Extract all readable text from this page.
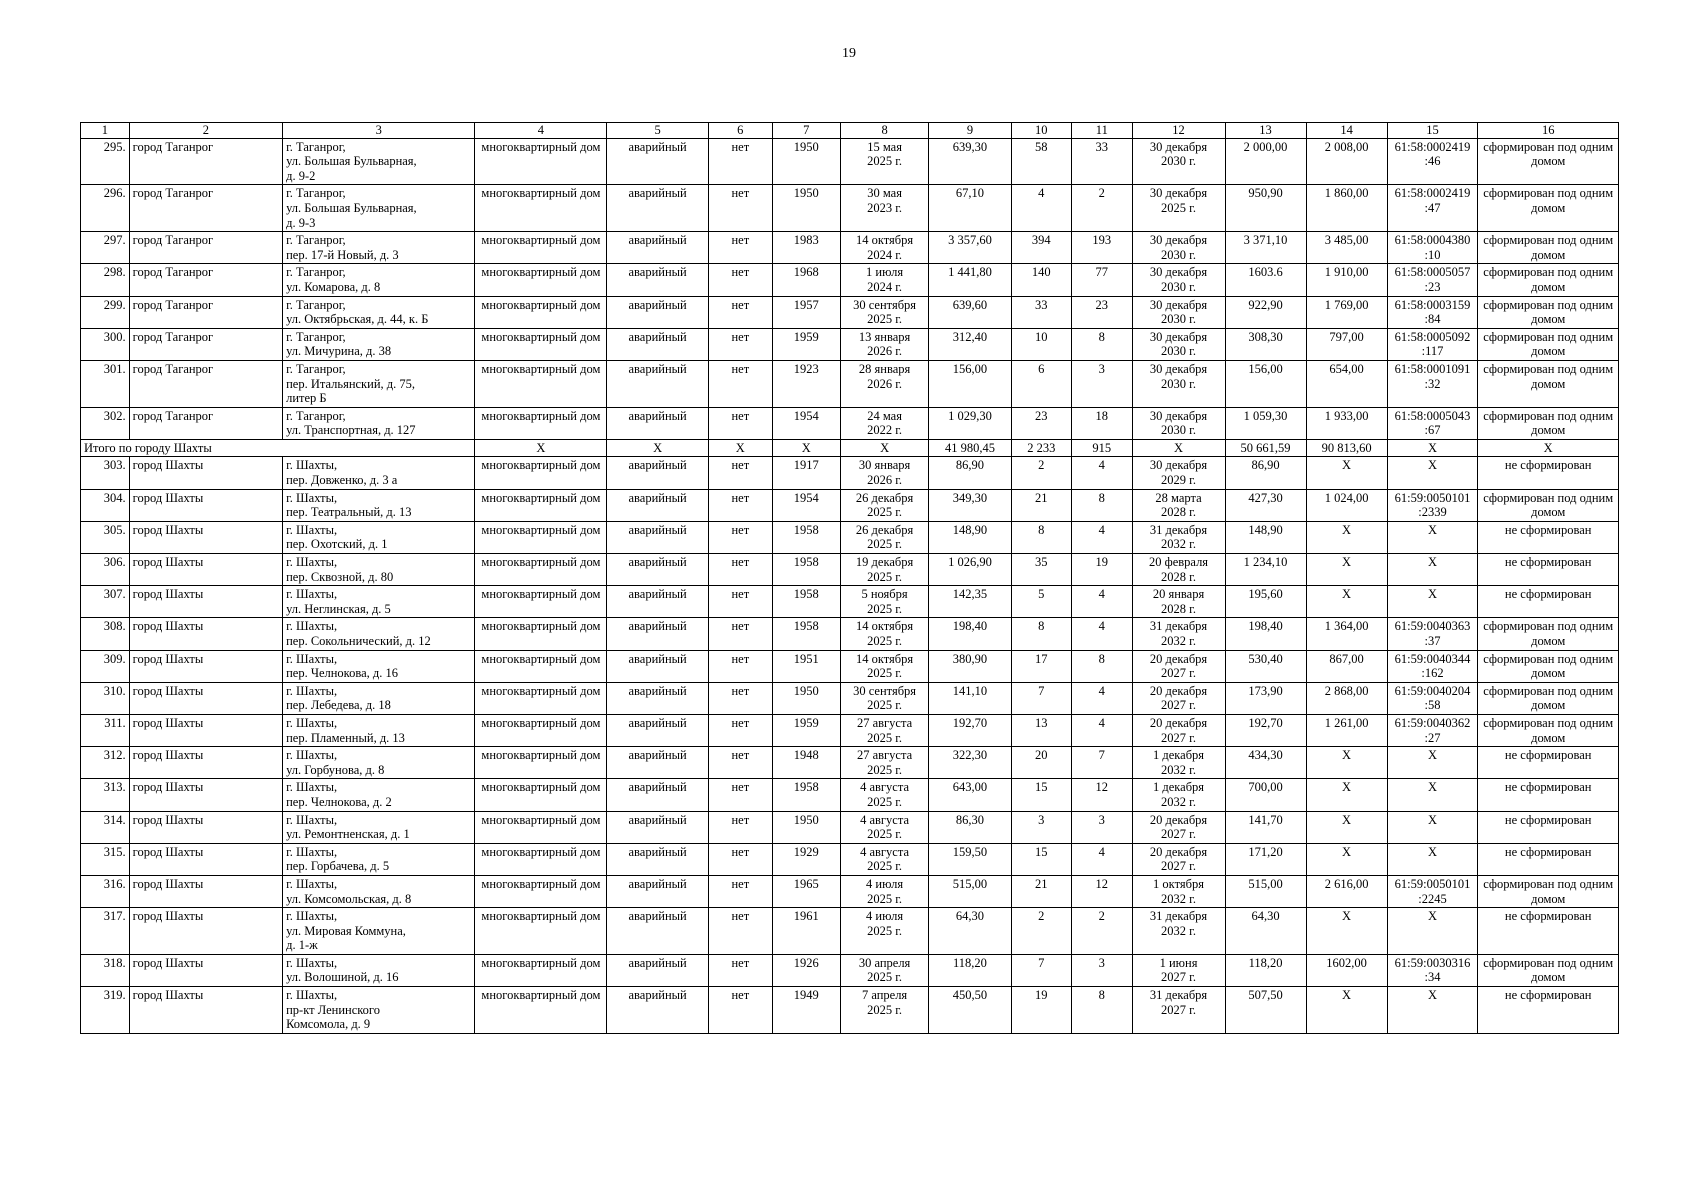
19
1	2	3	4	5	6	7	8	9	10	11	12	13	14	15	16
295.	город Таганрог	г. Таганрог,
ул. Большая Бульварная,
д. 9-2	многоквартирный дом	аварийный	нет	1950	15 мая
2025 г.	639,30	58	33	30 декабря
2030 г.	2 000,00	2 008,00	61:58:0002419
:46	сформирован под одним домом
296.	город Таганрог	г. Таганрог,
ул. Большая Бульварная,
д. 9-3	многоквартирный дом	аварийный	нет	1950	30 мая
2023 г.	67,10	4	2	30 декабря
2025 г.	950,90	1 860,00	61:58:0002419
:47	сформирован под одним домом
297.	город Таганрог	г. Таганрог,
пер. 17-й Новый, д. 3	многоквартирный дом	аварийный	нет	1983	14 октября
2024 г.	3 357,60	394	193	30 декабря
2030 г.	3 371,10	3 485,00	61:58:0004380
:10	сформирован под одним домом
298.	город Таганрог	г. Таганрог,
ул. Комарова, д. 8	многоквартирный дом	аварийный	нет	1968	1 июля
2024 г.	1 441,80	140	77	30 декабря
2030 г.	1603.6	1 910,00	61:58:0005057
:23	сформирован под одним домом
299.	город Таганрог	г. Таганрог,
ул. Октябрьская, д. 44, к. Б	многоквартирный дом	аварийный	нет	1957	30 сентября
2025 г.	639,60	33	23	30 декабря
2030 г.	922,90	1 769,00	61:58:0003159
:84	сформирован под одним домом
300.	город Таганрог	г. Таганрог,
ул. Мичурина, д. 38	многоквартирный дом	аварийный	нет	1959	13 января
2026 г.	312,40	10	8	30 декабря
2030 г.	308,30	797,00	61:58:0005092
:117	сформирован под одним домом
301.	город Таганрог	г. Таганрог,
пер. Итальянский, д. 75,
литер Б	многоквартирный дом	аварийный	нет	1923	28 января
2026 г.	156,00	6	3	30 декабря
2030 г.	156,00	654,00	61:58:0001091
:32	сформирован под одним домом
302.	город Таганрог	г. Таганрог,
ул. Транспортная, д. 127	многоквартирный дом	аварийный	нет	1954	24 мая
2022 г.	1 029,30	23	18	30 декабря
2030 г.	1 059,30	1 933,00	61:58:0005043
:67	сформирован под одним домом
Итого по городу Шахты			X	X	X	X	X	41 980,45	2 233	915	X	50 661,59	90 813,60	X	X
303.	город Шахты	г. Шахты,
пер. Довженко, д. 3 а	многоквартирный дом	аварийный	нет	1917	30 января
2026 г.	86,90	2	4	30 декабря
2029 г.	86,90	X	X	не сформирован
304.	город Шахты	г. Шахты,
пер. Театральный, д. 13	многоквартирный дом	аварийный	нет	1954	26 декабря
2025 г.	349,30	21	8	28 марта
2028 г.	427,30	1 024,00	61:59:0050101
:2339	сформирован под одним домом
305.	город Шахты	г. Шахты,
пер. Охотский, д. 1	многоквартирный дом	аварийный	нет	1958	26 декабря
2025 г.	148,90	8	4	31 декабря
2032 г.	148,90	X	X	не сформирован
306.	город Шахты	г. Шахты,
пер. Сквозной, д. 80	многоквартирный дом	аварийный	нет	1958	19 декабря
2025 г.	1 026,90	35	19	20 февраля
2028 г.	1 234,10	X	X	не сформирован
307.	город Шахты	г. Шахты,
ул. Неглинская, д. 5	многоквартирный дом	аварийный	нет	1958	5 ноября
2025 г.	142,35	5	4	20 января
2028 г.	195,60	X	X	не сформирован
308.	город Шахты	г. Шахты,
пер. Сокольнический, д. 12	многоквартирный дом	аварийный	нет	1958	14 октября
2025 г.	198,40	8	4	31 декабря
2032 г.	198,40	1 364,00	61:59:0040363
:37	сформирован под одним домом
309.	город Шахты	г. Шахты,
пер. Челнокова, д. 16	многоквартирный дом	аварийный	нет	1951	14 октября
2025 г.	380,90	17	8	20 декабря
2027 г.	530,40	867,00	61:59:0040344
:162	сформирован под одним домом
310.	город Шахты	г. Шахты,
пер. Лебедева, д. 18	многоквартирный дом	аварийный	нет	1950	30 сентября
2025 г.	141,10	7	4	20 декабря
2027 г.	173,90	2 868,00	61:59:0040204
:58	сформирован под одним домом
311.	город Шахты	г. Шахты,
пер. Пламенный, д. 13	многоквартирный дом	аварийный	нет	1959	27 августа
2025 г.	192,70	13	4	20 декабря
2027 г.	192,70	1 261,00	61:59:0040362
:27	сформирован под одним домом
312.	город Шахты	г. Шахты,
ул. Горбунова, д. 8	многоквартирный дом	аварийный	нет	1948	27 августа
2025 г.	322,30	20	7	1 декабря
2032 г.	434,30	X	X	не сформирован
313.	город Шахты	г. Шахты,
пер. Челнокова, д. 2	многоквартирный дом	аварийный	нет	1958	4 августа
2025 г.	643,00	15	12	1 декабря
2032 г.	700,00	X	X	не сформирован
314.	город Шахты	г. Шахты,
ул. Ремонтненская, д. 1	многоквартирный дом	аварийный	нет	1950	4 августа
2025 г.	86,30	3	3	20 декабря
2027 г.	141,70	X	X	не сформирован
315.	город Шахты	г. Шахты,
пер. Горбачева, д. 5	многоквартирный дом	аварийный	нет	1929	4 августа
2025 г.	159,50	15	4	20 декабря
2027 г.	171,20	X	X	не сформирован
316.	город Шахты	г. Шахты,
ул. Комсомольская, д. 8	многоквартирный дом	аварийный	нет	1965	4 июля
2025 г.	515,00	21	12	1 октября
2032 г.	515,00	2 616,00	61:59:0050101
:2245	сформирован под одним домом
317.	город Шахты	г. Шахты,
ул. Мировая Коммуна,
д. 1-ж	многоквартирный дом	аварийный	нет	1961	4 июля
2025 г.	64,30	2	2	31 декабря
2032 г.	64,30	X	X	не сформирован
318.	город Шахты	г. Шахты,
ул. Волошиной, д. 16	многоквартирный дом	аварийный	нет	1926	30 апреля
2025 г.	118,20	7	3	1 июня
2027 г.	118,20	1602,00	61:59:0030316
:34	сформирован под одним домом
319.	город Шахты	г. Шахты,
пр-кт Ленинского
Комсомола, д. 9	многоквартирный дом	аварийный	нет	1949	7 апреля
2025 г.	450,50	19	8	31 декабря
2027 г.	507,50	X	X	не сформирован
